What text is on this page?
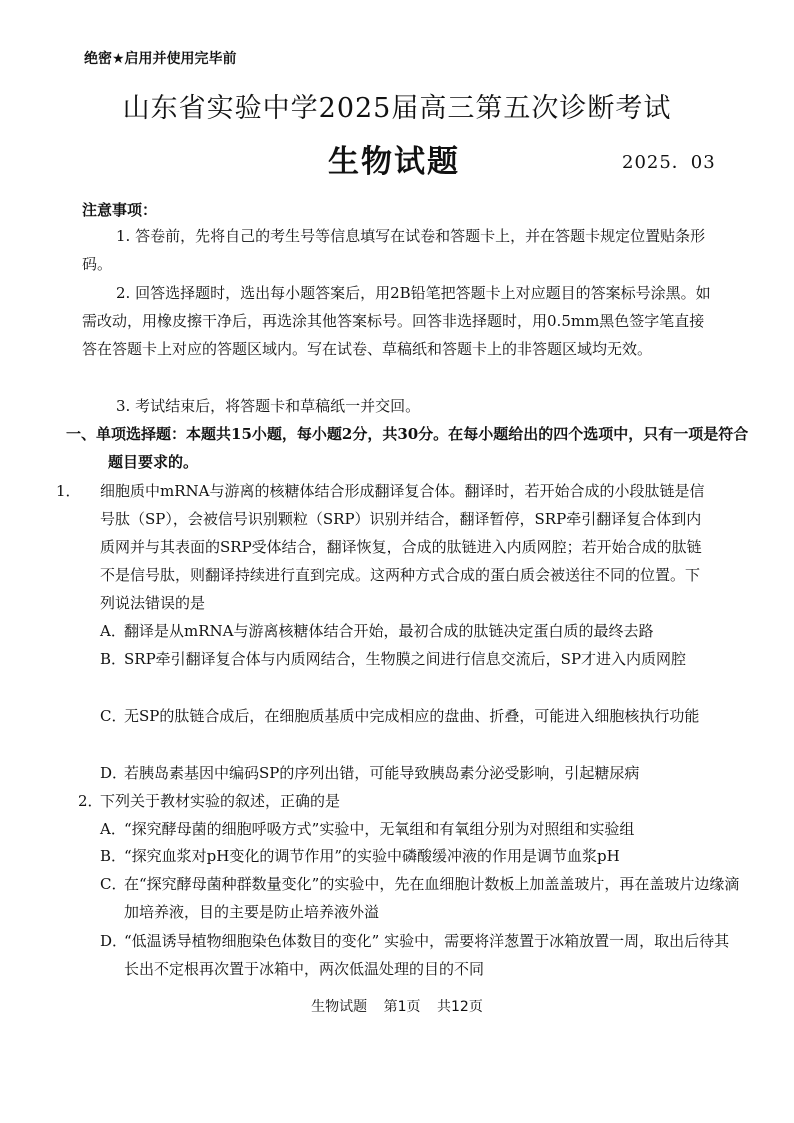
绝密★启用并使用完毕前
山东省实验中学2025届高三第五次诊断考试
生物试题	2025．03
注意事项：
1. 答卷前，先将自己的考生号等信息填写在试卷和答题卡上，并在答题卡规定位置贴条形码。
2. 回答选择题时，选出每小题答案后，用2B铅笔把答题卡上对应题目的答案标号涂黑。如需改动，用橡皮擦干净后，再选涂其他答案标号。回答非选择题时，用0.5mm黑色签字笔直接答在答题卡上对应的答题区域内。写在试卷、草稿纸和答题卡上的非答题区域均无效。
3. 考试结束后，将答题卡和草稿纸一并交回。
一、单项选择题：本题共15小题，每小题2分，共30分。在每小题给出的四个选项中，只有一项是符合题目要求的。
1． 细胞质中mRNA与游离的核糖体结合形成翻译复合体。翻译时，若开始合成的小段肽链是信号肽（SP），会被信号识别颗粒（SRP）识别并结合，翻译暂停，SRP牵引翻译复合体到内质网并与其表面的SRP受体结合，翻译恢复，合成的肽链进入内质网腔；若开始合成的肽链不是信号肽，则翻译持续进行直到完成。这两种方式合成的蛋白质会被送往不同的位置。下列说法错误的是
A．翻译是从mRNA与游离核糖体结合开始，最初合成的肽链决定蛋白质的最终去路
B．SRP牵引翻译复合体与内质网结合，生物膜之间进行信息交流后，SP才进入内质网腔
C．无SP的肽链合成后，在细胞质基质中完成相应的盘曲、折叠，可能进入细胞核执行功能
D．若胰岛素基因中编码SP的序列出错，可能导致胰岛素分泌受影响，引起糖尿病
2．下列关于教材实验的叙述，正确的是
A．“探究酵母菌的细胞呼吸方式”实验中，无氧组和有氧组分别为对照组和实验组
B．“探究血浆对pH变化的调节作用”的实验中磷酸缓冲液的作用是调节血浆pH
C．在“探究酵母菌种群数量变化”的实验中，先在血细胞计数板上加盖盖玻片，再在盖玻片边缘滴加培养液，目的主要是防止培养液外溢
D．“低温诱导植物细胞染色体数目的变化” 实验中，需要将洋葱置于冰箱放置一周，取出后待其长出不定根再次置于冰箱中，两次低温处理的目的不同
生物试题 第1页 共12页
